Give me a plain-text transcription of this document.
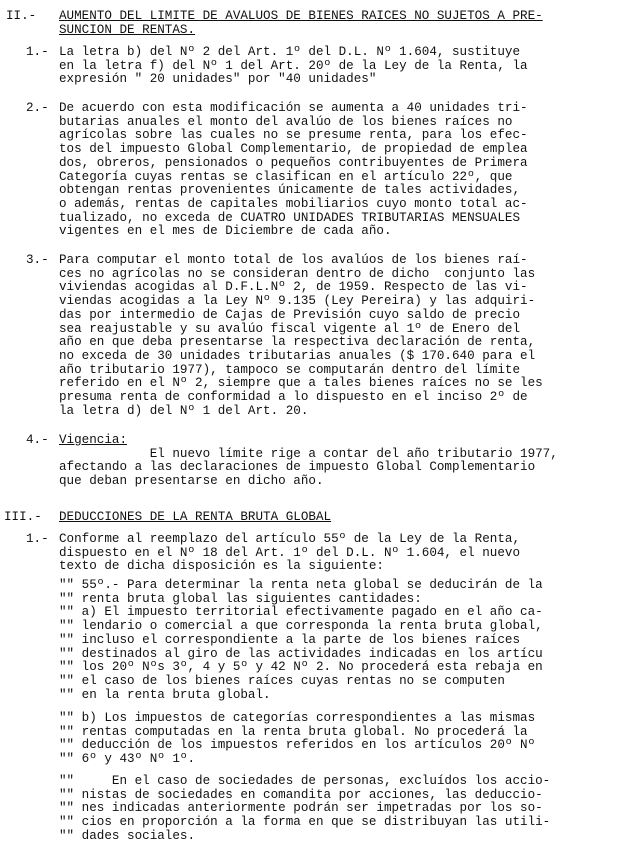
II.- AUMENTO DEL LIMITE DE AVALUOS DE BIENES RAICES NO SUJETOS A PRE-
SUNCION DE RENTAS.
1.- La letra b) del Nº 2 del Art. 1º del D.L. Nº 1.604, sustituye
en la letra f) del Nº 1 del Art. 20º de la Ley de la Renta, la
expresión " 20 unidades" por "40 unidades"
2.- De acuerdo con esta modificación se aumenta a 40 unidades tri-
butarias anuales el monto del avalúo de los bienes raíces no
agrícolas sobre las cuales no se presume renta, para los efec-
tos del impuesto Global Complementario, de propiedad de emplea
dos, obreros, pensionados o pequeños contribuyentes de Primera
Categoría cuyas rentas se clasifican en el artículo 22º, que
obtengan rentas provenientes únicamente de tales actividades,
o además, rentas de capitales mobiliarios cuyo monto total ac-
tualizado, no exceda de CUATRO UNIDADES TRIBUTARIAS MENSUALES
vigentes en el mes de Diciembre de cada año.
3.- Para computar el monto total de los avalúos de los bienes raí-
ces no agrícolas no se consideran dentro de dicho  conjunto las
viviendas acogidas al D.F.L.Nº 2, de 1959. Respecto de las vi-
viendas acogidas a la Ley Nº 9.135 (Ley Pereira) y las adquiri-
das por intermedio de Cajas de Previsión cuyo saldo de precio
sea reajustable y su avalúo fiscal vigente al 1º de Enero del
año en que deba presentarse la respectiva declaración de renta,
no exceda de 30 unidades tributarias anuales ($ 170.640 para el
año tributario 1977), tampoco se computarán dentro del límite
referido en el Nº 2, siempre que a tales bienes raíces no se les
presuma renta de conformidad a lo dispuesto en el inciso 2º de
la letra d) del Nº 1 del Art. 20.
4.- Vigencia:
El nuevo límite rige a contar del año tributario 1977,
afectando a las declaraciones de impuesto Global Complementario
que deban presentarse en dicho año.
III.- DEDUCCIONES DE LA RENTA BRUTA GLOBAL
1.- Conforme al reemplazo del artículo 55º de la Ley de la Renta,
dispuesto en el Nº 18 del Art. 1º del D.L. Nº 1.604, el nuevo
texto de dicha disposición es la siguiente:
"" 55º.- Para determinar la renta neta global se deducirán de la
"" renta bruta global las siguientes cantidades:
"" a) El impuesto territorial efectivamente pagado en el año ca-
"" lendario o comercial a que corresponda la renta bruta global,
"" incluso el correspondiente a la parte de los bienes raíces
"" destinados al giro de las actividades indicadas en los artícu
"" los 20º Nºs 3º, 4 y 5º y 42 Nº 2. No procederá esta rebaja en
"" el caso de los bienes raíces cuyas rentas no se computen
"" en la renta bruta global.
"" b) Los impuestos de categorías correspondientes a las mismas
"" rentas computadas en la renta bruta global. No procederá la
"" deducción de los impuestos referidos en los artículos 20º Nº
"" 6º y 43º Nº 1º.
""     En el caso de sociedades de personas, excluídos los accio-
"" nistas de sociedades en comandita por acciones, las deduccio-
"" nes indicadas anteriormente podrán ser impetradas por los so-
"" cios en proporción a la forma en que se distribuyan las utili-
"" dades sociales.
